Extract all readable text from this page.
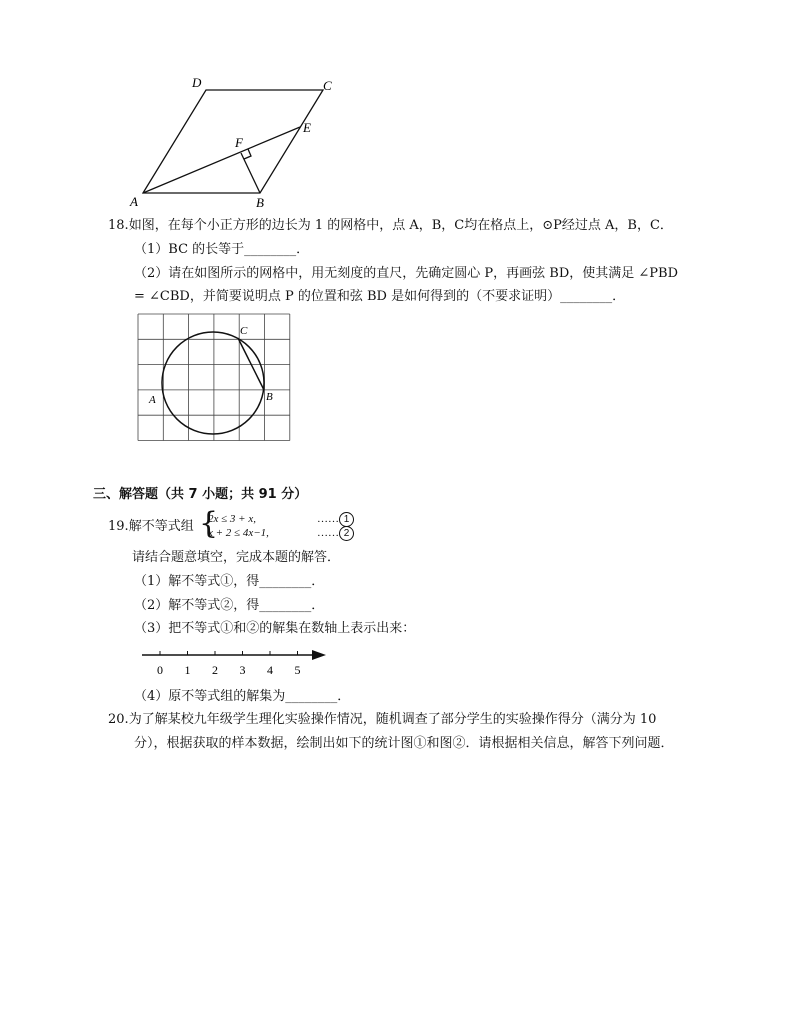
D	C
E
F
A	B
18.如图，在每个小正方形的边长为 1 的网格中，点 A，B，C均在格点上，⊙P经过点 A，B，C．
（1）BC 的长等于________．
（2）请在如图所示的网格中，用无刻度的直尺，先确定圆心 P，再画弦 BD，使其满足 ∠PBD
= ∠CBD，并简要说明点 P 的位置和弦 BD 是如何得到的（不要求证明）________．
C
A	B
三、解答题（共 7 小题；共 91 分）
19.解不等式组 {
2x ≤ 3 + x,
x + 2 ≤ 4x−1,
…… 1
…… 2
请结合题意填空，完成本题的解答．
（1）解不等式①，得________．
（2）解不等式②，得________．
（3）把不等式①和②的解集在数轴上表示出来：
0 1 2 3 4 5
（4）原不等式组的解集为________．
20.为了解某校九年级学生理化实验操作情况，随机调查了部分学生的实验操作得分（满分为 10
分），根据获取的样本数据，绘制出如下的统计图①和图②．请根据相关信息，解答下列问题．
